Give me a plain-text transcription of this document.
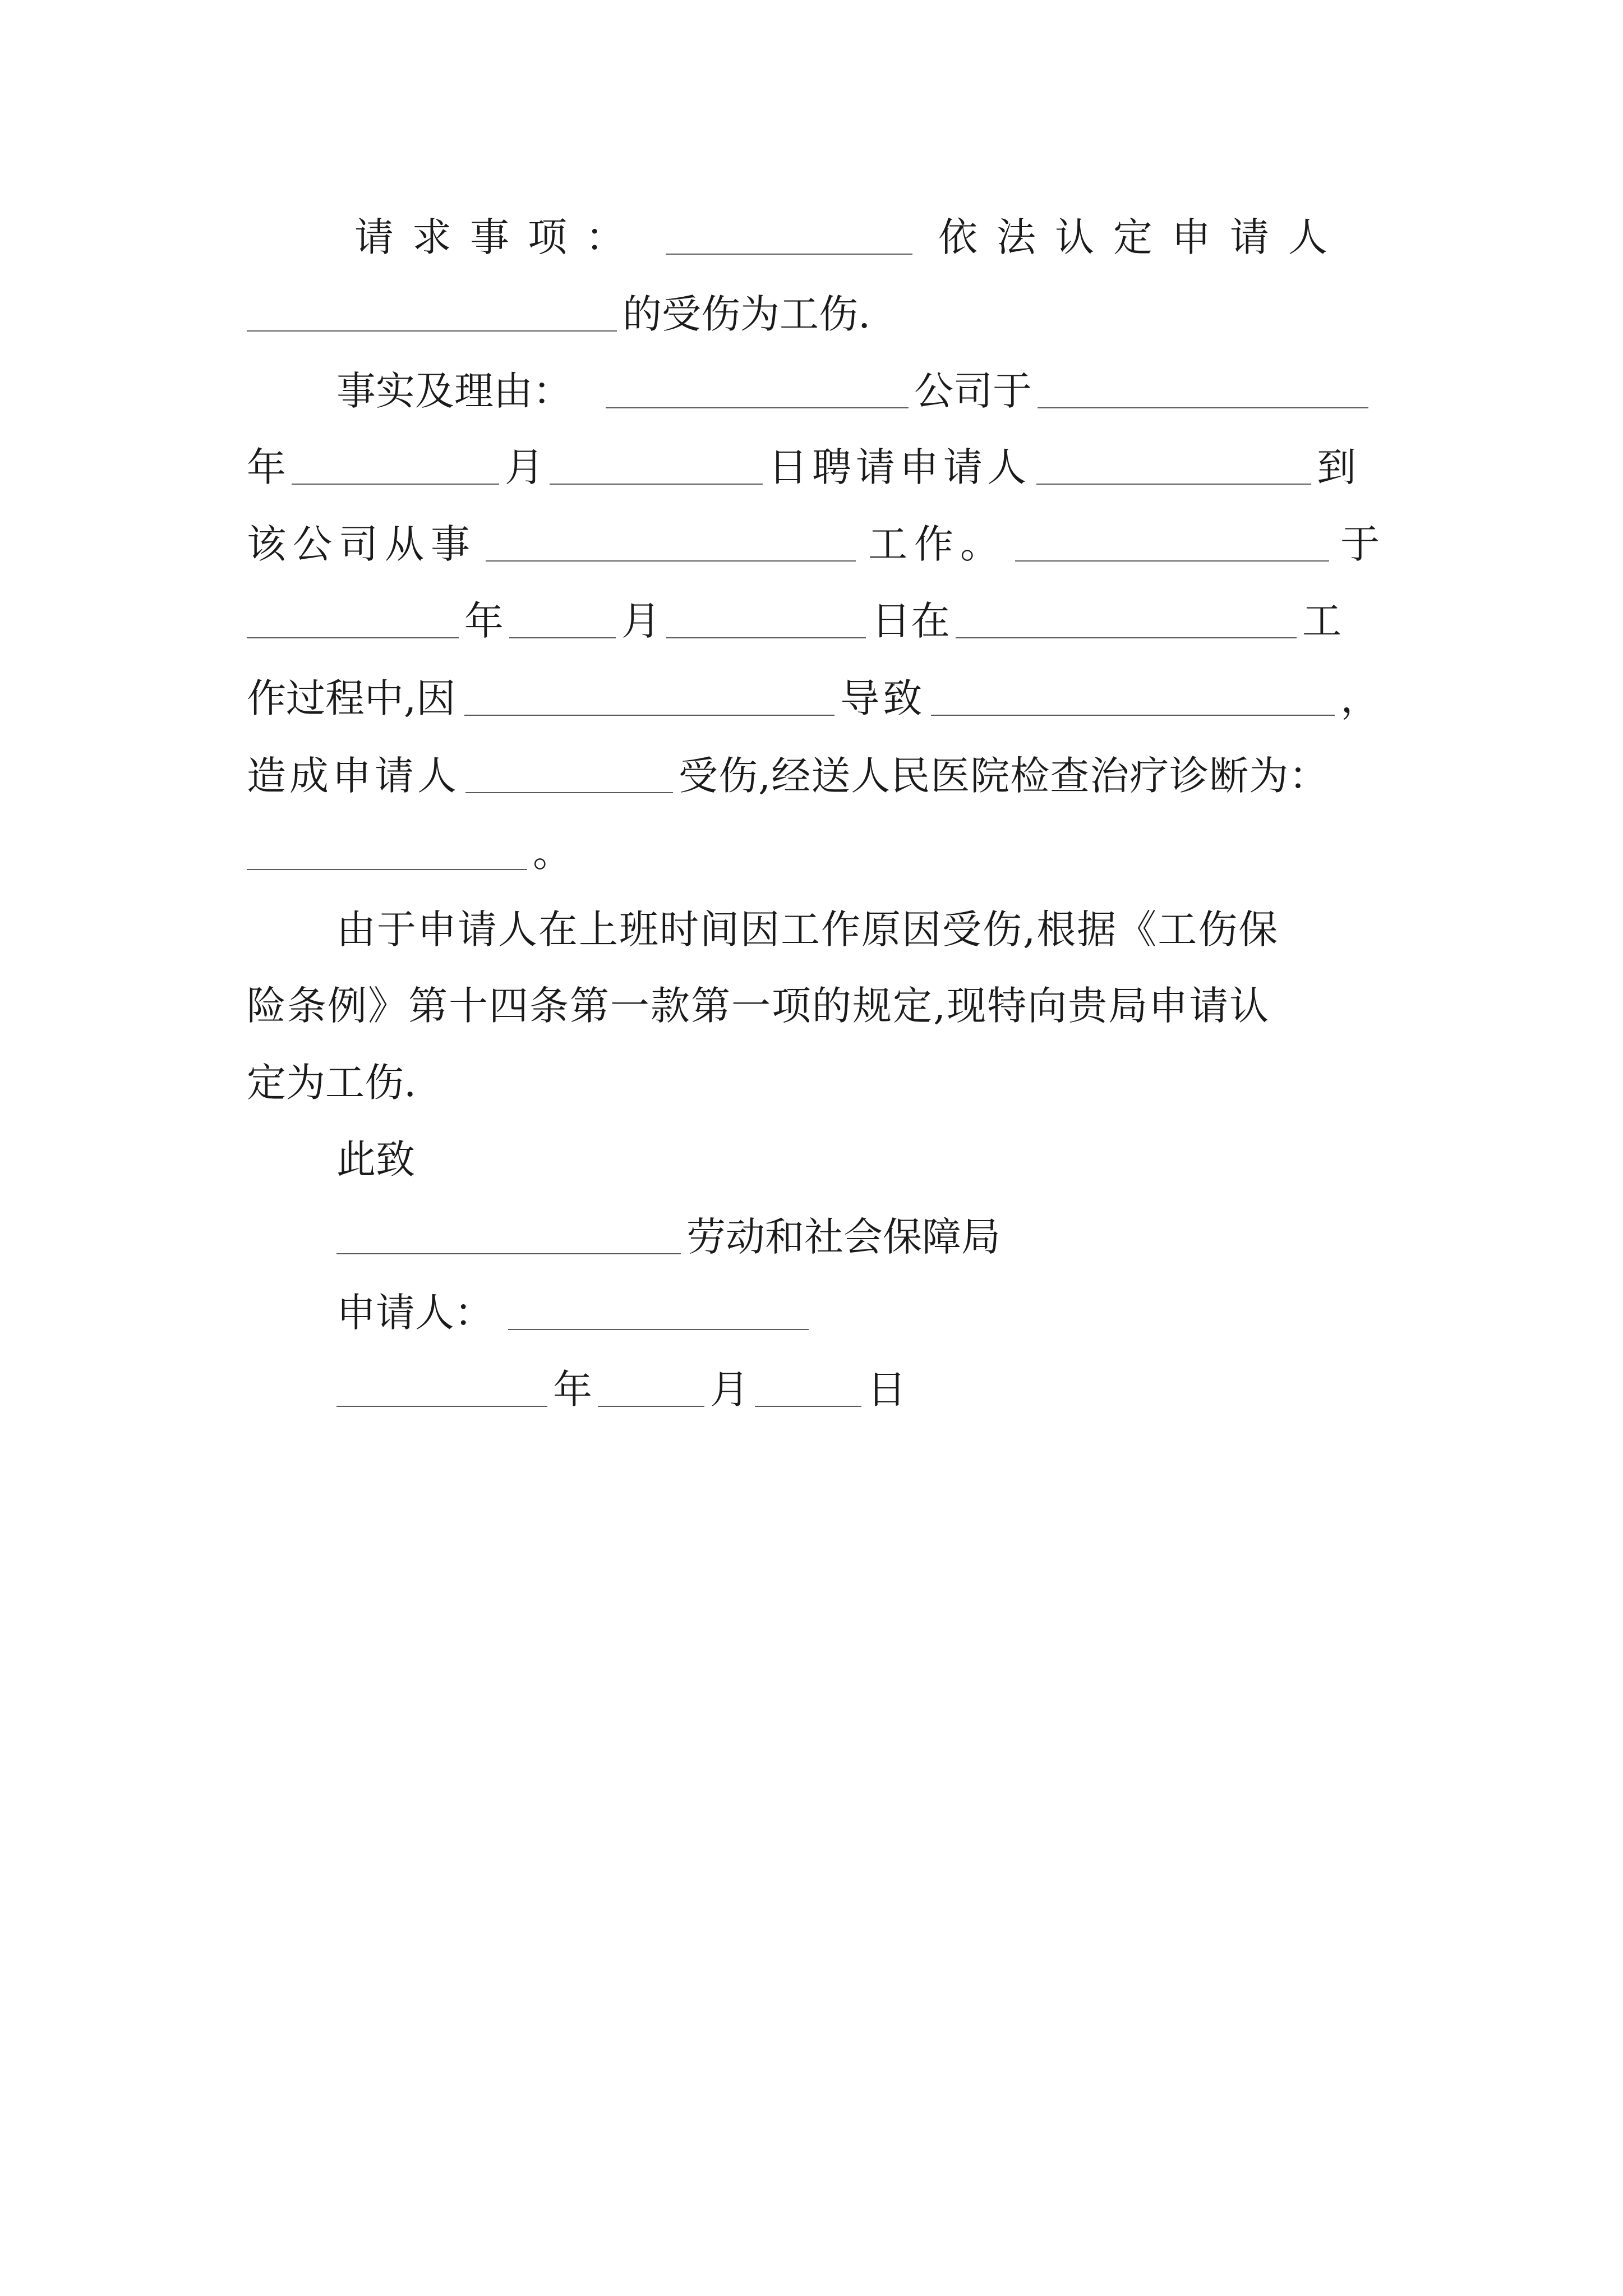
请求事项：	依法认定申请人
的受伤为工伤.
事实及理由：	公司于
年	月	日聘请申请人	到
该公司从事	工作。	于
年	月	日在	工
作过程中,因	导致	，
造成申请人	受伤,经送人民医院检查治疗诊断为：
。
由于申请人在上班时间因工作原因受伤,根据《工伤保
险条例》第十四条第一款第一项的规定,现特向贵局申请认
定为工伤.
此致
劳动和社会保障局
申请人：
年	月	日
